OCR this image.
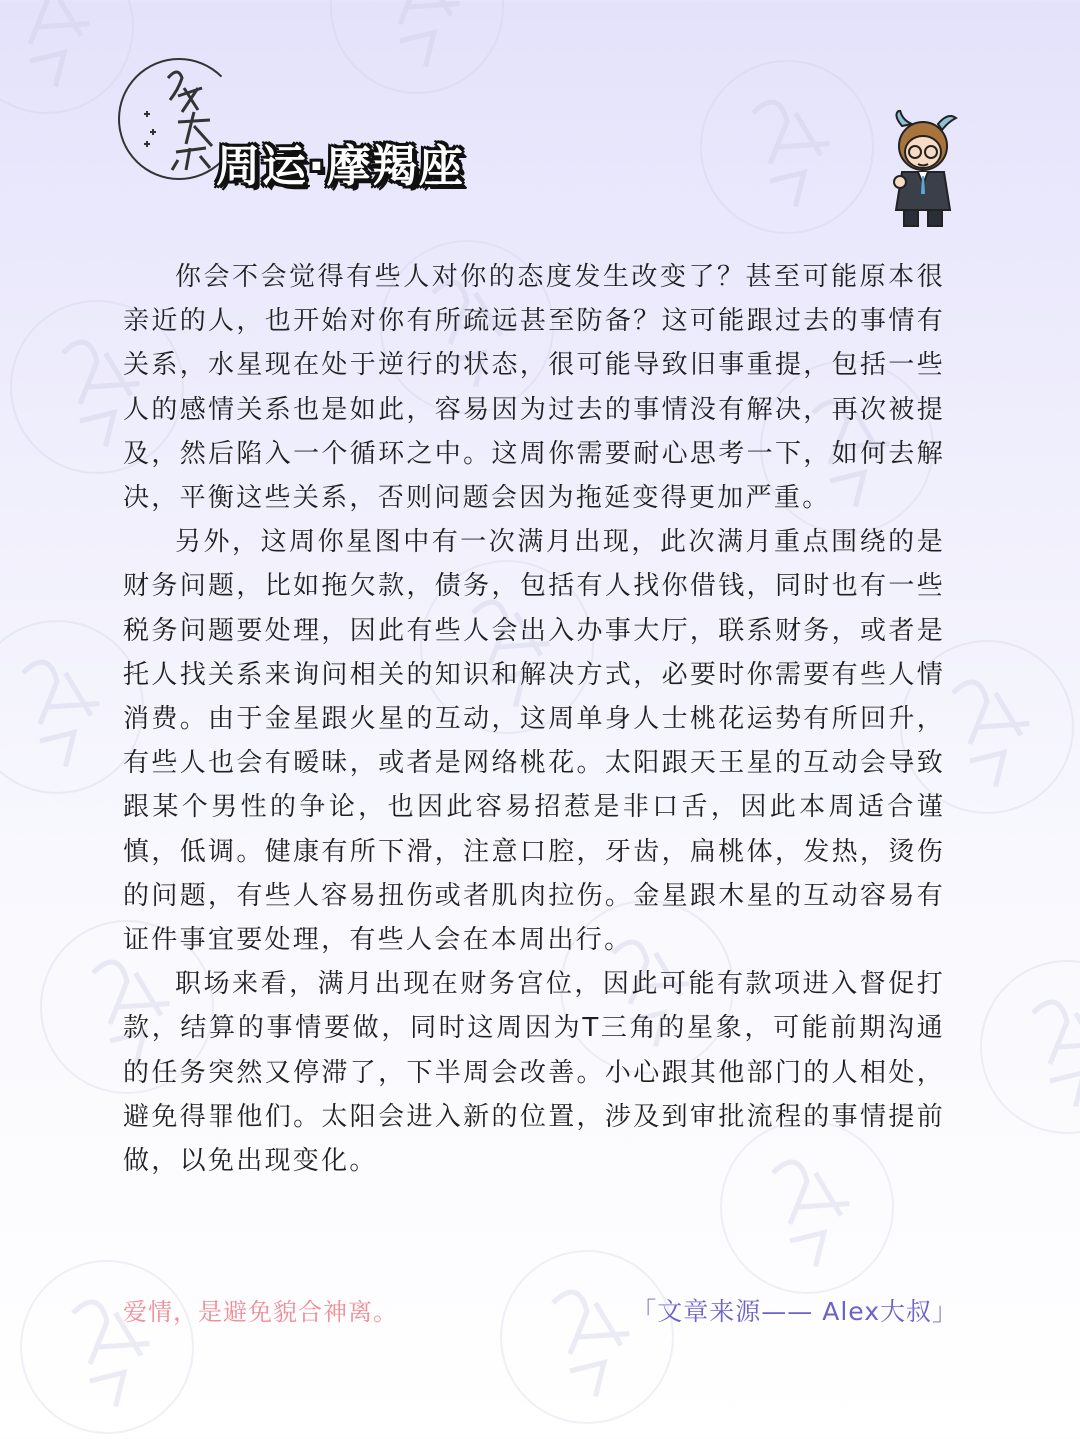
周运·摩羯座

你会不会觉得有些人对你的态度发生改变了？甚至可能原本很亲近的人，也开始对你有所疏远甚至防备？这可能跟过去的事情有关系，水星现在处于逆行的状态，很可能导致旧事重提，包括一些人的感情关系也是如此，容易因为过去的事情没有解决，再次被提及，然后陷入一个循环之中。这周你需要耐心思考一下，如何去解决，平衡这些关系，否则问题会因为拖延变得更加严重。

另外，这周你星图中有一次满月出现，此次满月重点围绕的是财务问题，比如拖欠款，债务，包括有人找你借钱，同时也有一些税务问题要处理，因此有些人会出入办事大厅，联系财务，或者是托人找关系来询问相关的知识和解决方式，必要时你需要有些人情消费。由于金星跟火星的互动，这周单身人士桃花运势有所回升，有些人也会有暧昧，或者是网络桃花。太阳跟天王星的互动会导致跟某个男性的争论，也因此容易招惹是非口舌，因此本周适合谨慎，低调。健康有所下滑，注意口腔，牙齿，扁桃体，发热，烫伤的问题，有些人容易扭伤或者肌肉拉伤。金星跟木星的互动容易有证件事宜要处理，有些人会在本周出行。

职场来看，满月出现在财务宫位，因此可能有款项进入督促打款，结算的事情要做，同时这周因为T三角的星象，可能前期沟通的任务突然又停滞了，下半周会改善。小心跟其他部门的人相处，避免得罪他们。太阳会进入新的位置，涉及到审批流程的事情提前做，以免出现变化。

爱情，是避免貌合神离。	「文章来源—— Alex大叔」
